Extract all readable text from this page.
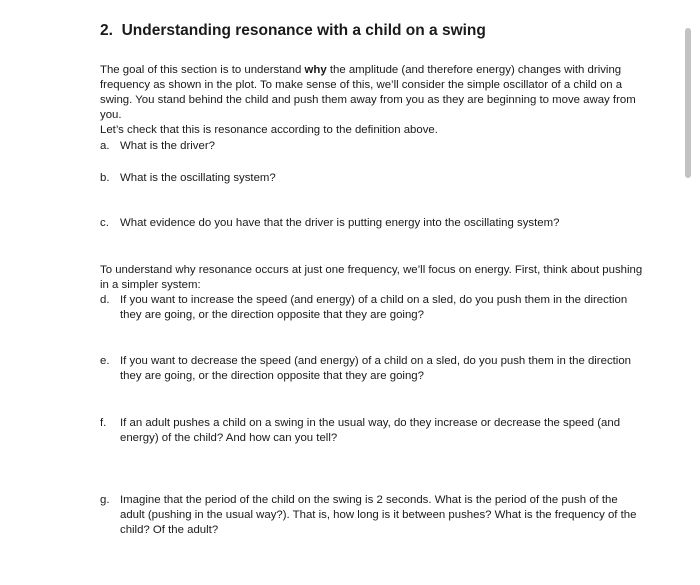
2. Understanding resonance with a child on a swing
The goal of this section is to understand why the amplitude (and therefore energy) changes with driving frequency as shown in the plot. To make sense of this, we’ll consider the simple oscillator of a child on a swing. You stand behind the child and push them away from you as they are beginning to move away from you.
Let’s check that this is resonance according to the definition above.
a. What is the driver?
b. What is the oscillating system?
c. What evidence do you have that the driver is putting energy into the oscillating system?
To understand why resonance occurs at just one frequency, we’ll focus on energy. First, think about pushing in a simpler system:
d. If you want to increase the speed (and energy) of a child on a sled, do you push them in the direction they are going, or the direction opposite that they are going?
e. If you want to decrease the speed (and energy) of a child on a sled, do you push them in the direction they are going, or the direction opposite that they are going?
f.	If an adult pushes a child on a swing in the usual way, do they increase or decrease the speed (and energy) of the child? And how can you tell?
g. Imagine that the period of the child on the swing is 2 seconds. What is the period of the push of the adult (pushing in the usual way?). That is, how long is it between pushes? What is the frequency of the child? Of the adult?
